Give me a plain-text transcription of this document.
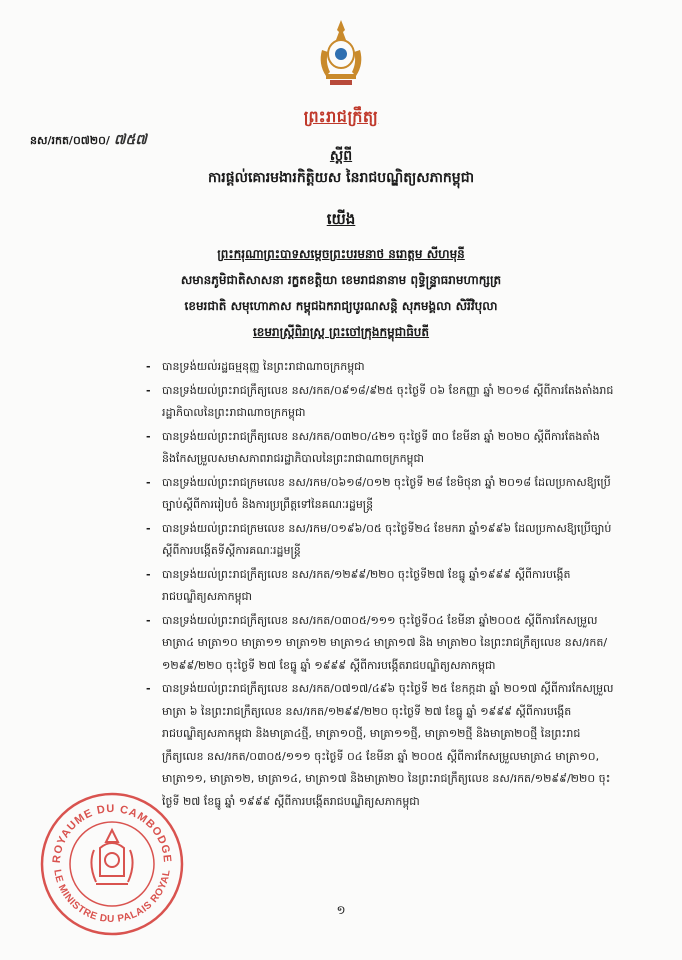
ព្រះរាជក្រឹត្យ
នស/រកត/០៧២០/ ៧៥៧
ស្តីពី
ការផ្តល់គោរមងារកិត្តិយស នៃរាជបណ្ឌិត្យសភាកម្ពុជា
យើង
ព្រះករុណាព្រះបាទសម្តេចព្រះបរមនាថ នរោត្តម សីហមុនី
សមានភូមិជាតិសាសនា រក្ខតខត្តិយា ខេមរាជនានាម ពុទ្ធិន្ទ្រាធរាមហាក្សត្រ
ខេមរជាតិ សមុហោភាស កម្ពុជឯករាជ្យបូរណសន្តិ សុភមង្គលា សិរីវិបុលា
ខេមរាស្ត្រីពិរាស្ត្រ ព្រះចៅក្រុងកម្ពុជាធិបតី
- បានទ្រង់យល់រដ្ឋធម្មនុញ្ញ នៃព្រះរាជាណាចក្រកម្ពុជា
- បានទ្រង់យល់ព្រះរាជក្រឹត្យលេខ នស/រកត/០៩១៨/៩២៥ ចុះថ្ងៃទី ០៦ ខែកញ្ញា ឆ្នាំ ២០១៨ ស្តីពីការតែងតាំងរាជរដ្ឋាភិបាលនៃព្រះរាជាណាចក្រកម្ពុជា
- បានទ្រង់យល់ព្រះរាជក្រឹត្យលេខ នស/រកត/០៣២០/៤២១ ចុះថ្ងៃទី ៣០ ខែមីនា ឆ្នាំ ២០២០ ស្តីពីការតែងតាំង និងកែសម្រួលសមាសភាពរាជរដ្ឋាភិបាលនៃព្រះរាជាណាចក្រកម្ពុជា
- បានទ្រង់យល់ព្រះរាជក្រមលេខ នស/រកម/០៦១៨/០១២ ចុះថ្ងៃទី ២៨ ខែមិថុនា ឆ្នាំ ២០១៨ ដែលប្រកាសឱ្យប្រើច្បាប់ស្តីពីការរៀបចំ និងការប្រព្រឹត្តទៅនៃគណៈរដ្ឋមន្ត្រី
- បានទ្រង់យល់ព្រះរាជក្រមលេខ នស/រកម/០១៩៦/០៥ ចុះថ្ងៃទី២៤ ខែមករា ឆ្នាំ១៩៩៦ ដែលប្រកាសឱ្យប្រើច្បាប់ស្តីពីការបង្កើតទីស្តីការគណៈរដ្ឋមន្ត្រី
- បានទ្រង់យល់ព្រះរាជក្រឹត្យលេខ នស/រកត/១២៩៩/២២០ ចុះថ្ងៃទី២៧ ខែធ្នូ ឆ្នាំ១៩៩៩ ស្តីពីការបង្កើតរាជបណ្ឌិត្យសភាកម្ពុជា
- បានទ្រង់យល់ព្រះរាជក្រឹត្យលេខ នស/រកត/០៣០៥/១១១ ចុះថ្ងៃទី០៤ ខែមីនា ឆ្នាំ២០០៥ ស្តីពីការកែសម្រួលមាត្រា៤ មាត្រា១០ មាត្រា១១ មាត្រា១២ មាត្រា១៤ មាត្រា១៧ និង មាត្រា២០ នៃព្រះរាជក្រឹត្យលេខ នស/រកត/១២៩៩/២២០ ចុះថ្ងៃទី ២៧ ខែធ្នូ ឆ្នាំ ១៩៩៩ ស្តីពីការបង្កើតរាជបណ្ឌិត្យសភាកម្ពុជា
- បានទ្រង់យល់ព្រះរាជក្រឹត្យលេខ នស/រកត/០៧១៧/៤៩៦ ចុះថ្ងៃទី ២៥ ខែកក្កដា ឆ្នាំ ២០១៧ ស្តីពីការកែសម្រួលមាត្រា ៦ នៃព្រះរាជក្រឹត្យលេខ នស/រកត/១២៩៩/២២០ ចុះថ្ងៃទី ២៧ ខែធ្នូ ឆ្នាំ ១៩៩៩ ស្តីពីការបង្កើតរាជបណ្ឌិត្យសភាកម្ពុជា និងមាត្រា៤ថ្មី, មាត្រា១០ថ្មី, មាត្រា១១ថ្មី, មាត្រា១២ថ្មី និងមាត្រា២០ថ្មី នៃព្រះរាជក្រឹត្យលេខ នស/រកត/០៣០៥/១១១ ចុះថ្ងៃទី ០៤ ខែមីនា ឆ្នាំ ២០០៥ ស្តីពីការកែសម្រួលមាត្រា៤ មាត្រា១០, មាត្រា១១, មាត្រា១២, មាត្រា១៤, មាត្រា១៧ និងមាត្រា២០ នៃព្រះរាជក្រឹត្យលេខ នស/រកត/១២៩៩/២២០ ចុះថ្ងៃទី ២៧ ខែធ្នូ ឆ្នាំ ១៩៩៩ ស្តីពីការបង្កើតរាជបណ្ឌិត្យសភាកម្ពុជា
ROYAUME DU CAMBODGE
LE MINISTRE DU PALAIS ROYAL
១
